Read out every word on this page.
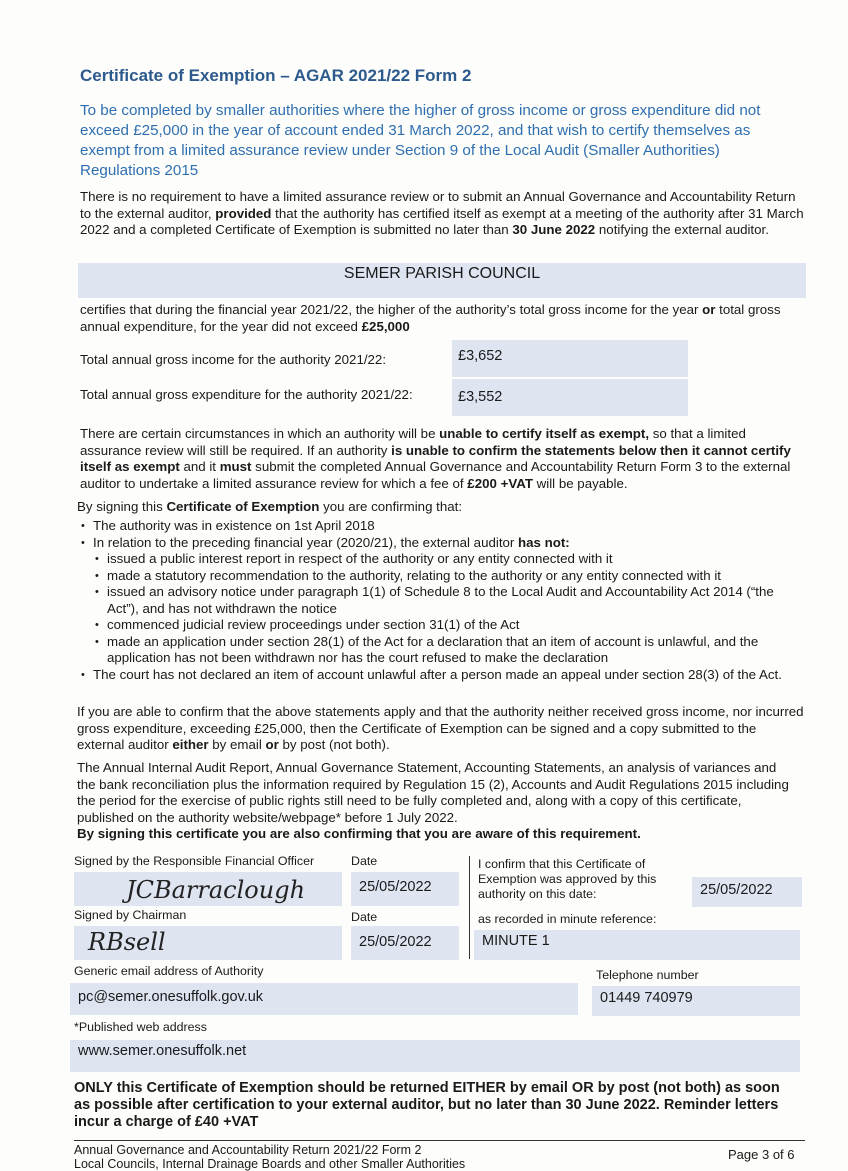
Certificate of Exemption – AGAR 2021/22 Form 2
To be completed by smaller authorities where the higher of gross income or gross expenditure did not exceed £25,000 in the year of account ended 31 March 2022, and that wish to certify themselves as exempt from a limited assurance review under Section 9 of the Local Audit (Smaller Authorities) Regulations 2015
There is no requirement to have a limited assurance review or to submit an Annual Governance and Accountability Return to the external auditor, provided that the authority has certified itself as exempt at a meeting of the authority after 31 March 2022 and a completed Certificate of Exemption is submitted no later than 30 June 2022 notifying the external auditor.
SEMER PARISH COUNCIL
certifies that during the financial year 2021/22, the higher of the authority’s total gross income for the year or total gross annual expenditure, for the year did not exceed £25,000
Total annual gross income for the authority 2021/22:	£3,652
Total annual gross expenditure for the authority 2021/22:	£3,552
There are certain circumstances in which an authority will be unable to certify itself as exempt, so that a limited assurance review will still be required. If an authority is unable to confirm the statements below then it cannot certify itself as exempt and it must submit the completed Annual Governance and Accountability Return Form 3 to the external auditor to undertake a limited assurance review for which a fee of £200 +VAT will be payable.
By signing this Certificate of Exemption you are confirming that:
• The authority was in existence on 1st April 2018
• In relation to the preceding financial year (2020/21), the external auditor has not:
• issued a public interest report in respect of the authority or any entity connected with it
• made a statutory recommendation to the authority, relating to the authority or any entity connected with it
• issued an advisory notice under paragraph 1(1) of Schedule 8 to the Local Audit and Accountability Act 2014 (“the Act”), and has not withdrawn the notice
• commenced judicial review proceedings under section 31(1) of the Act
• made an application under section 28(1) of the Act for a declaration that an item of account is unlawful, and the application has not been withdrawn nor has the court refused to make the declaration
• The court has not declared an item of account unlawful after a person made an appeal under section 28(3) of the Act.
If you are able to confirm that the above statements apply and that the authority neither received gross income, nor incurred gross expenditure, exceeding £25,000, then the Certificate of Exemption can be signed and a copy submitted to the external auditor either by email or by post (not both).
The Annual Internal Audit Report, Annual Governance Statement, Accounting Statements, an analysis of variances and the bank reconciliation plus the information required by Regulation 15 (2), Accounts and Audit Regulations 2015 including the period for the exercise of public rights still need to be fully completed and, along with a copy of this certificate, published on the authority website/webpage* before 1 July 2022.
By signing this certificate you are also confirming that you are aware of this requirement.
Signed by the Responsible Financial Officer	Date
JCBarraclough	25/05/2022
I confirm that this Certificate of Exemption was approved by this authority on this date:	25/05/2022
Signed by Chairman	Date
RBsell	25/05/2022
as recorded in minute reference:
MINUTE 1
Generic email address of Authority
pc@semer.onesuffolk.gov.uk
Telephone number
01449 740979
*Published web address
www.semer.onesuffolk.net
ONLY this Certificate of Exemption should be returned EITHER by email OR by post (not both) as soon as possible after certification to your external auditor, but no later than 30 June 2022. Reminder letters incur a charge of £40 +VAT
Annual Governance and Accountability Return 2021/22 Form 2
Local Councils, Internal Drainage Boards and other Smaller Authorities
Page 3 of 6
